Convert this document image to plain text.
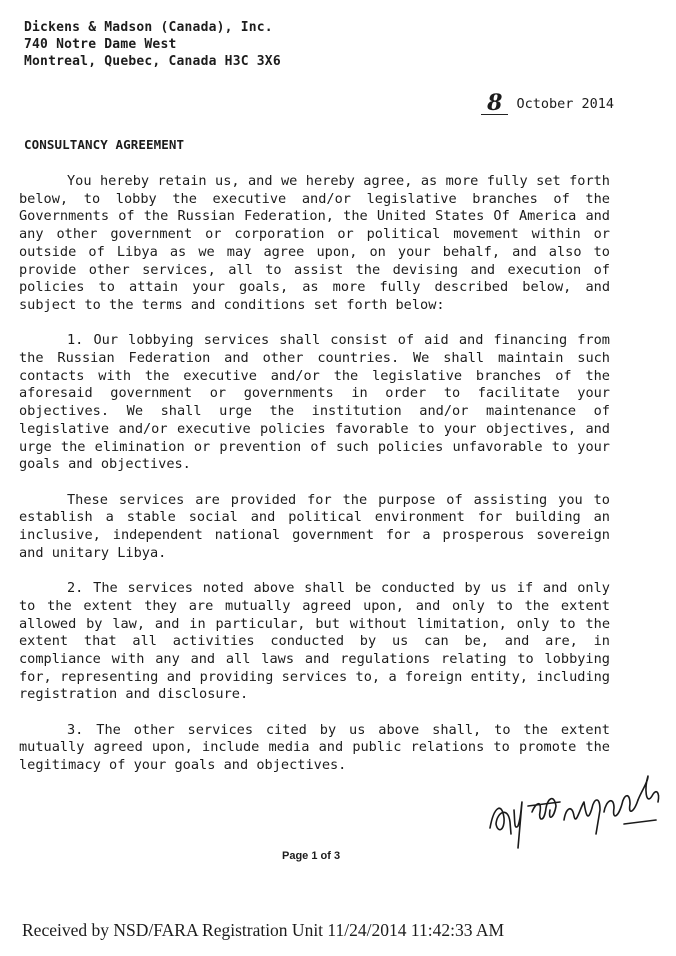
Dickens & Madson (Canada), Inc.
740 Notre Dame West
Montreal, Quebec, Canada H3C 3X6
8 October 2014
CONSULTANCY AGREEMENT

You hereby retain us, and we hereby agree, as more fully set forth below, to lobby the executive and/or legislative branches of the Governments of the Russian Federation, the United States Of America and any other government or corporation or political movement within or outside of Libya as we may agree upon, on your behalf, and also to provide other services, all to assist the devising and execution of policies to attain your goals, as more fully described below, and subject to the terms and conditions set forth below:

1. Our lobbying services shall consist of aid and financing from the Russian Federation and other countries. We shall maintain such contacts with the executive and/or the legislative branches of the aforesaid government or governments in order to facilitate your objectives. We shall urge the institution and/or maintenance of legislative and/or executive policies favorable to your objectives, and urge the elimination or prevention of such policies unfavorable to your goals and objectives.

These services are provided for the purpose of assisting you to establish a stable social and political environment for building an inclusive, independent national government for a prosperous sovereign and unitary Libya.

2. The services noted above shall be conducted by us if and only to the extent they are mutually agreed upon, and only to the extent allowed by law, and in particular, but without limitation, only to the extent that all activities conducted by us can be, and are, in compliance with any and all laws and regulations relating to lobbying for, representing and providing services to, a foreign entity, including registration and disclosure.

3. The other services cited by us above shall, to the extent mutually agreed upon, include media and public relations to promote the legitimacy of your goals and objectives.

Page 1 of 3
Received by NSD/FARA Registration Unit 11/24/2014 11:42:33 AM
